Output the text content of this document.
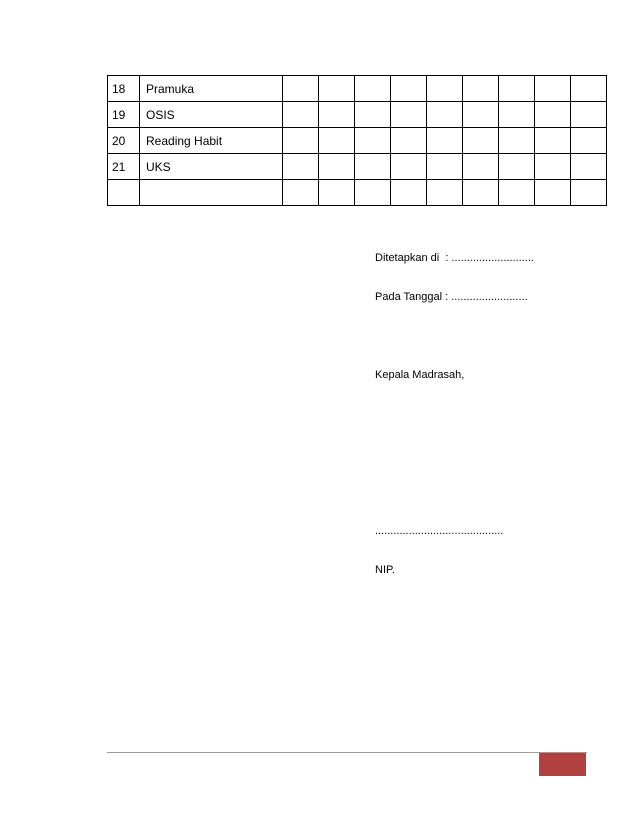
18	Pramuka									
19	OSIS									
20	Reading Habit									
21	UKS									

Ditetapkan di  : ...........................

Pada Tanggal : .........................

Kepala Madrasah,

..........................................

NIP.
